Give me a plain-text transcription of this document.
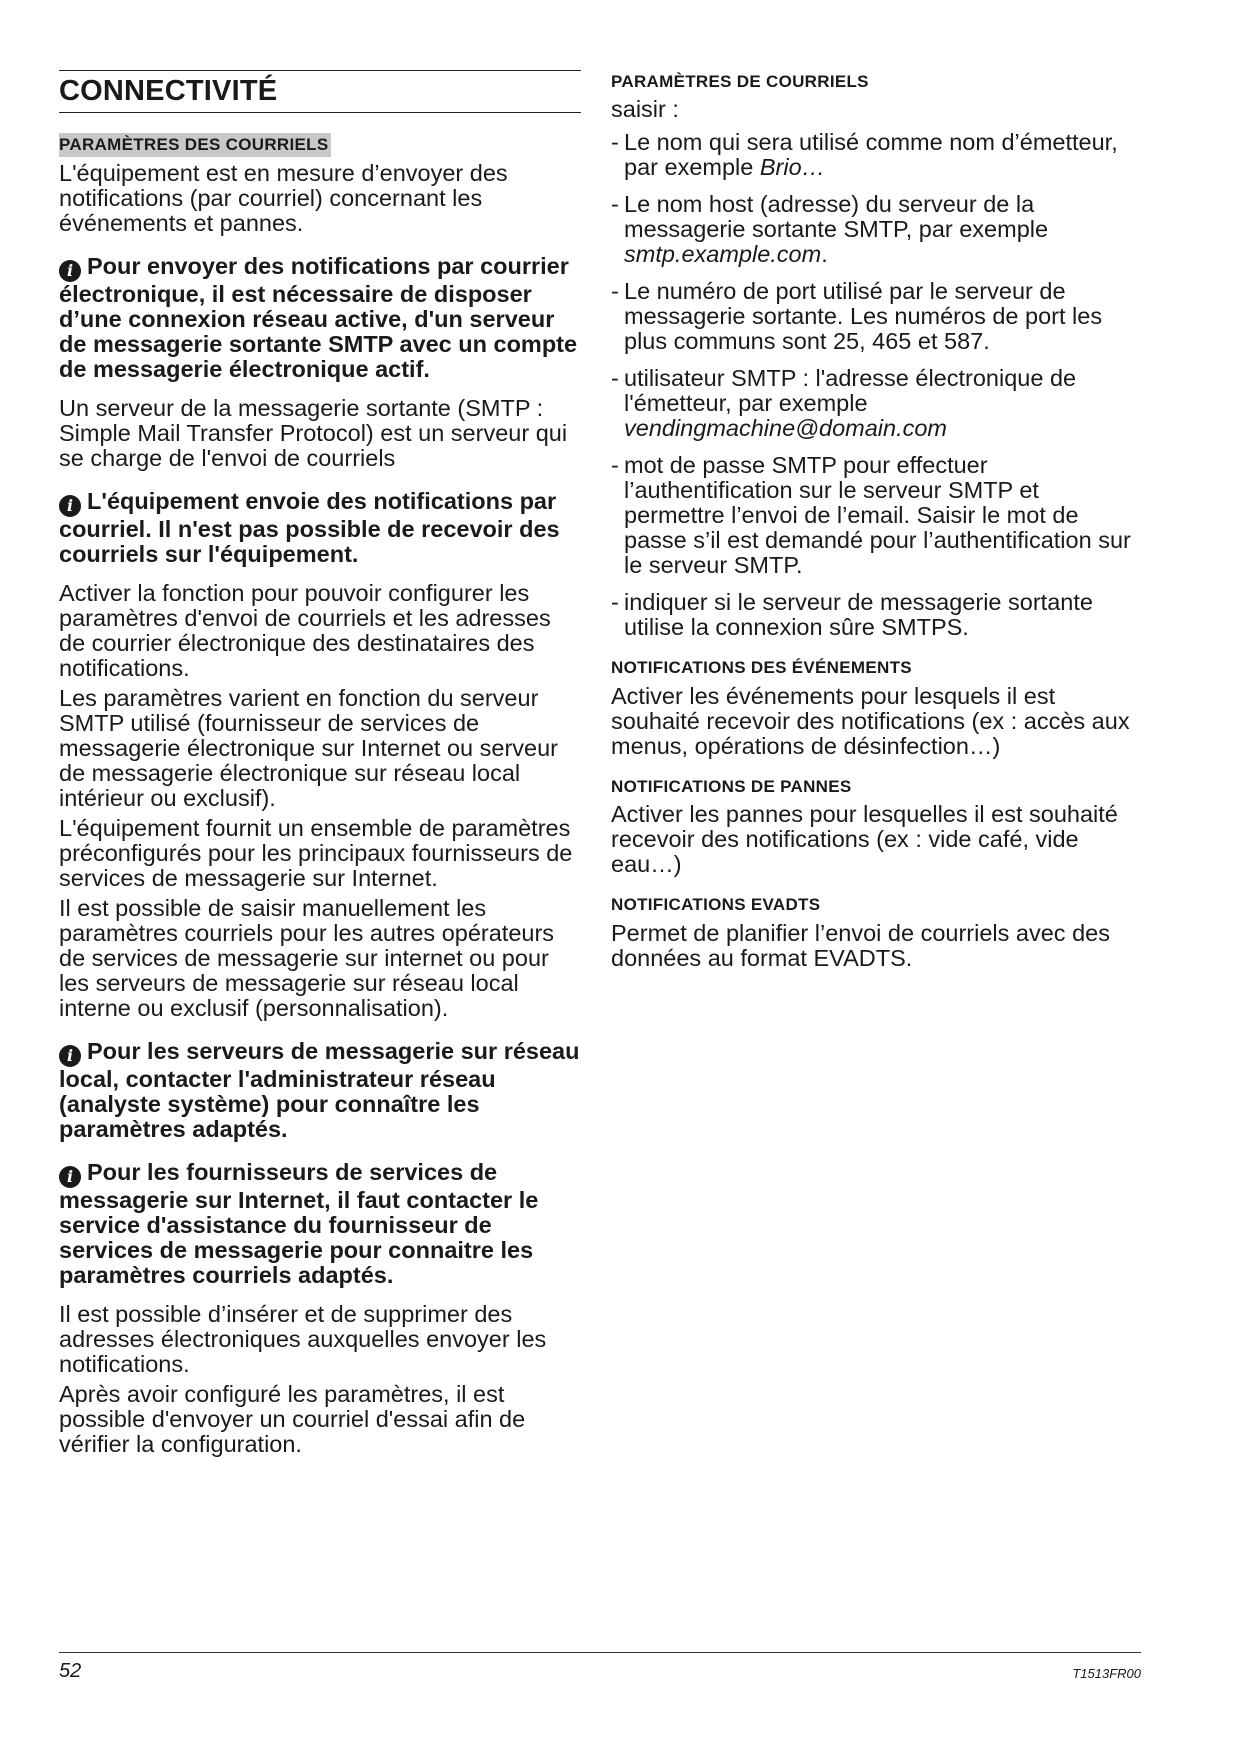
CONNECTIVITÉ
PARAMÈTRES DES COURRIELS

L'équipement est en mesure d’envoyer des notifications (par courriel) concernant les événements et pannes.

i Pour envoyer des notifications par courrier électronique, il est nécessaire de disposer d’une connexion réseau active, d'un serveur de messagerie sortante SMTP avec un compte de messagerie électronique actif.

Un serveur de la messagerie sortante (SMTP : Simple Mail Transfer Protocol) est un serveur qui se charge de l'envoi de courriels

i L'équipement envoie des notifications par courriel. Il n'est pas possible de recevoir des courriels sur l'équipement.

Activer la fonction pour pouvoir configurer les paramètres d'envoi de courriels et les adresses de courrier électronique des destinataires des notifications.

Les paramètres varient en fonction du serveur SMTP utilisé (fournisseur de services de messagerie électronique sur Internet ou serveur de messagerie électronique sur réseau local intérieur ou exclusif).

L'équipement fournit un ensemble de paramètres préconfigurés pour les principaux fournisseurs de services de messagerie sur Internet.

Il est possible de saisir manuellement les paramètres courriels pour les autres opérateurs de services de messagerie sur internet ou pour les serveurs de messagerie sur réseau local interne ou exclusif (personnalisation).

i Pour les serveurs de messagerie sur réseau local, contacter l'administrateur réseau (analyste système) pour connaître les paramètres adaptés.
i Pour les fournisseurs de services de messagerie sur Internet, il faut contacter le service d'assistance du fournisseur de services de messagerie pour connaitre les paramètres courriels adaptés.

Il est possible d’insérer et de supprimer des adresses électroniques auxquelles envoyer les notifications.

Après avoir configuré les paramètres, il est possible d'envoyer un courriel d'essai afin de vérifier la configuration.

PARAMÈTRES DE COURRIELS

saisir :

- Le nom qui sera utilisé comme nom d’émetteur, par exemple Brio…
- Le nom host (adresse) du serveur de la messagerie sortante SMTP, par exemple smtp.example.com.
- Le numéro de port utilisé par le serveur de messagerie sortante. Les numéros de port les plus communs sont 25, 465 et 587.
- utilisateur SMTP : l'adresse électronique de l'émetteur, par exemple vendingmachine@domain.com
- mot de passe SMTP pour effectuer l’authentification sur le serveur SMTP et permettre l’envoi de l’email. Saisir le mot de passe s’il est demandé pour l’authentification sur le serveur SMTP.
- indiquer si le serveur de messagerie sortante utilise la connexion sûre SMTPS.
NOTIFICATIONS DES ÉVÉNEMENTS

Activer les événements pour lesquels il est souhaité recevoir des notifications (ex : accès aux menus, opérations de désinfection…)

NOTIFICATIONS DE PANNES

Activer les pannes pour lesquelles il est souhaité recevoir des notifications (ex : vide café, vide eau…)

NOTIFICATIONS EVADTS

Permet de planifier l’envoi de courriels avec des données au format EVADTS.

52	T1513FR00
